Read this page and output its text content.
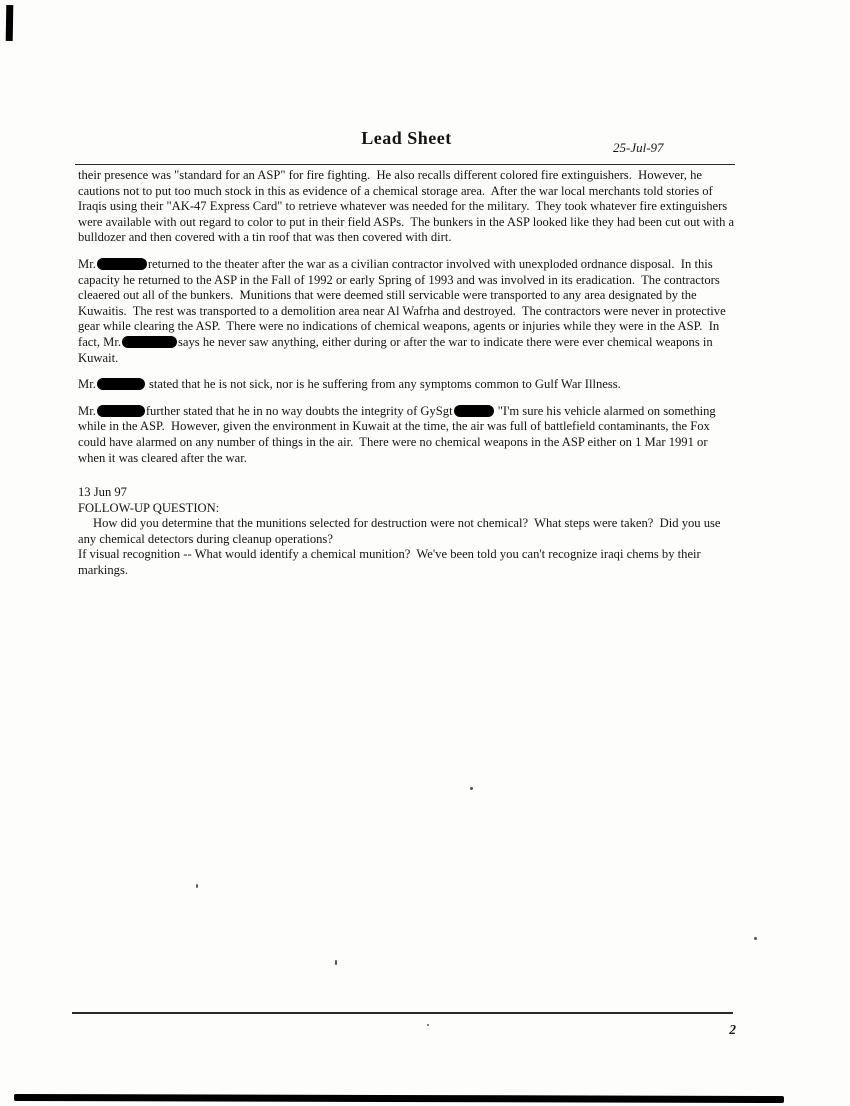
Lead Sheet	25-Jul-97

their presence was "standard for an ASP" for fire fighting.  He also recalls different colored fire extinguishers.  However, he cautions not to put too much stock in this as evidence of a chemical storage area.  After the war local merchants told stories of Iraqis using their "AK-47 Express Card" to retrieve whatever was needed for the military.  They took whatever fire extinguishers were available with out regard to color to put in their field ASPs.  The bunkers in the ASP looked like they had been cut out with a bulldozer and then covered with a tin roof that was then covered with dirt.

Mr.	returned to the theater after the war as a civilian contractor involved with unexploded ordnance disposal.  In this capacity he returned to the ASP in the Fall of 1992 or early Spring of 1993 and was involved in its eradication.  The contractors cleaered out all of the bunkers.  Munitions that were deemed still servicable were transported to any area designated by the Kuwaitis.  The rest was transported to a demolition area near Al Wafrha and destroyed.  The contractors were never in protective gear while clearing the ASP.  There were no indications of chemical weapons, agents or injuries while they were in the ASP.  In fact, Mr.	says he never saw anything, either during or after the war to indicate there were ever chemical weapons in Kuwait.

Mr.	stated that he is not sick, nor is he suffering from any symptoms common to Gulf War Illness.

Mr.	further stated that he in no way doubts the integrity of GySgt	"I'm sure his vehicle alarmed on something while in the ASP.  However, given the environment in Kuwait at the time, the air was full of battlefield contaminants, the Fox could have alarmed on any number of things in the air.  There were no chemical weapons in the ASP either on 1 Mar 1991 or when it was cleared after the war.

13 Jun 97

FOLLOW-UP QUESTION:

How did you determine that the munitions selected for destruction were not chemical?  What steps were taken?  Did you use any chemical detectors during cleanup operations?

If visual recognition -- What would identify a chemical munition?  We've been told you can't recognize iraqi chems by their markings.

2
